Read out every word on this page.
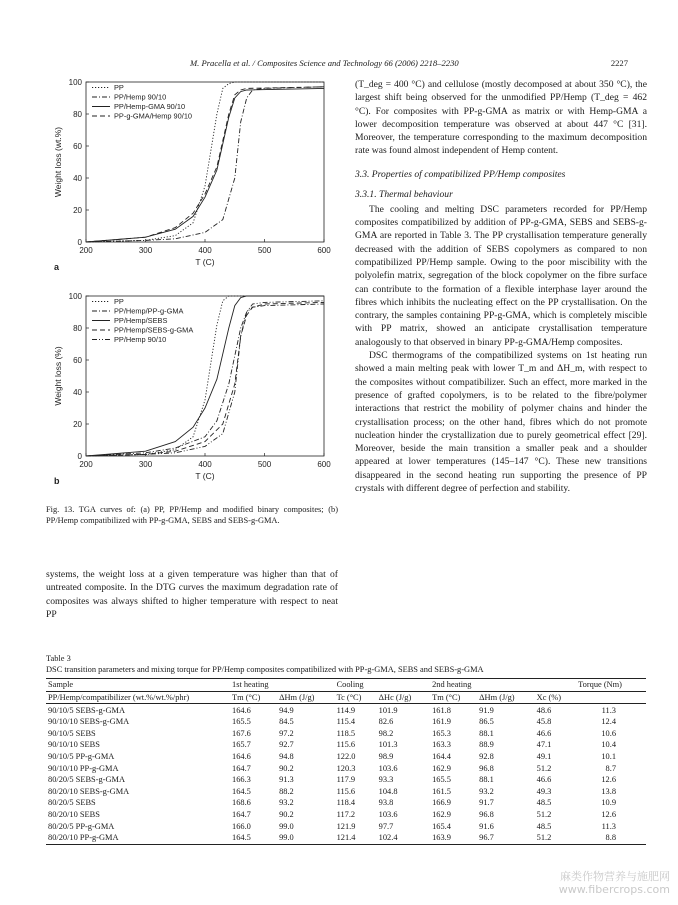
M. Pracella et al. / Composites Science and Technology 66 (2006) 2218–2230	2227
200	300	400	500	600
0
20
40
60
80
100
T (C)
Weight loss (wt.%)
a
PP
PP/Hemp 90/10
PP/Hemp-GMA 90/10
PP-g-GMA/Hemp 90/10
200	300	400	500	600
0
20
40
60
80
100
T (C)
Weight loss (%)
b
PP
PP/Hemp/PP-g-GMA
PP/Hemp/SEBS
PP/Hemp/SEBS-g-GMA
PP/Hemp 90/10
Fig. 13. TGA curves of: (a) PP, PP/Hemp and modified binary composites; (b) PP/Hemp compatibilized with PP-g-GMA, SEBS and SEBS-g-GMA.

systems, the weight loss at a given temperature was higher than that of untreated composite. In the DTG curves the maximum degradation rate of composites was always shifted to higher temperature with respect to neat PP

(T_deg = 400 °C) and cellulose (mostly decomposed at about 350 °C), the largest shift being observed for the unmodified PP/Hemp (T_deg = 462 °C). For composites with PP-g-GMA as matrix or with Hemp-GMA a lower decomposition temperature was observed at about 447 °C [31]. Moreover, the temperature corresponding to the maximum decomposition rate was found almost independent of Hemp content.

3.3. Properties of compatibilized PP/Hemp composites
3.3.1. Thermal behaviour

The cooling and melting DSC parameters recorded for PP/Hemp composites compatibilized by addition of PP-g-GMA, SEBS and SEBS-g-GMA are reported in Table 3. The PP crystallisation temperature generally decreased with the addition of SEBS copolymers as compared to non compatibilized PP/Hemp sample. Owing to the poor miscibility with the polyolefin matrix, segregation of the block copolymer on the fibre surface can contribute to the formation of a flexible interphase layer around the fibres which inhibits the nucleating effect on the PP crystallisation. On the contrary, the samples containing PP-g-GMA, which is completely miscible with PP matrix, showed an anticipate crystallisation temperature analogously to that observed in binary PP-g-GMA/Hemp composites.

DSC thermograms of the compatibilized systems on 1st heating run showed a main melting peak with lower T_m and ΔH_m, with respect to the composites without compatibilizer. Such an effect, more marked in the presence of grafted copolymers, is to be related to the fibre/polymer interactions that restrict the mobility of polymer chains and hinder the crystallisation process; on the other hand, fibres which do not promote nucleation hinder the crystallization due to purely geometrical effect [29]. Moreover, beside the main transition a smaller peak and a shoulder appeared at lower temperatures (145–147 °C). These new transitions disappeared in the second heating run supporting the presence of PP crystals with different degree of perfection and stability.

Table 3

DSC transition parameters and mixing torque for PP/Hemp composites compatibilized with PP-g-GMA, SEBS and SEBS-g-GMA

Sample	1st heating		Cooling		2nd heating			Torque (Nm)
PP/Hemp/compatibilizer (wt.%/wt.%/phr)	Tm (°C)	ΔHm (J/g)	Tc (°C)	ΔHc (J/g)	Tm (°C)	ΔHm (J/g)	Xc (%)	
90/10/5 SEBS-g-GMA	164.6	94.9	114.9	101.9	161.8	91.9	48.6	11.3
90/10/10 SEBS-g-GMA	165.5	84.5	115.4	82.6	161.9	86.5	45.8	12.4
90/10/5 SEBS	167.6	97.2	118.5	98.2	165.3	88.1	46.6	10.6
90/10/10 SEBS	165.7	92.7	115.6	101.3	163.3	88.9	47.1	10.4
90/10/5 PP-g-GMA	164.6	94.8	122.0	98.9	164.4	92.8	49.1	10.1
90/10/10 PP-g-GMA	164.7	90.2	120.3	103.6	162.9	96.8	51.2	8.7
80/20/5 SEBS-g-GMA	166.3	91.3	117.9	93.3	165.5	88.1	46.6	12.6
80/20/10 SEBS-g-GMA	164.5	88.2	115.6	104.8	161.5	93.2	49.3	13.8
80/20/5 SEBS	168.6	93.2	118.4	93.8	166.9	91.7	48.5	10.9
80/20/10 SEBS	164.7	90.2	117.2	103.6	162.9	96.8	51.2	12.6
80/20/5 PP-g-GMA	166.0	99.0	121.9	97.7	165.4	91.6	48.5	11.3
80/20/10 PP-g-GMA	164.5	99.0	121.4	102.4	163.9	96.7	51.2	8.8
麻类作物营养与施肥网
www.fibercrops.com
